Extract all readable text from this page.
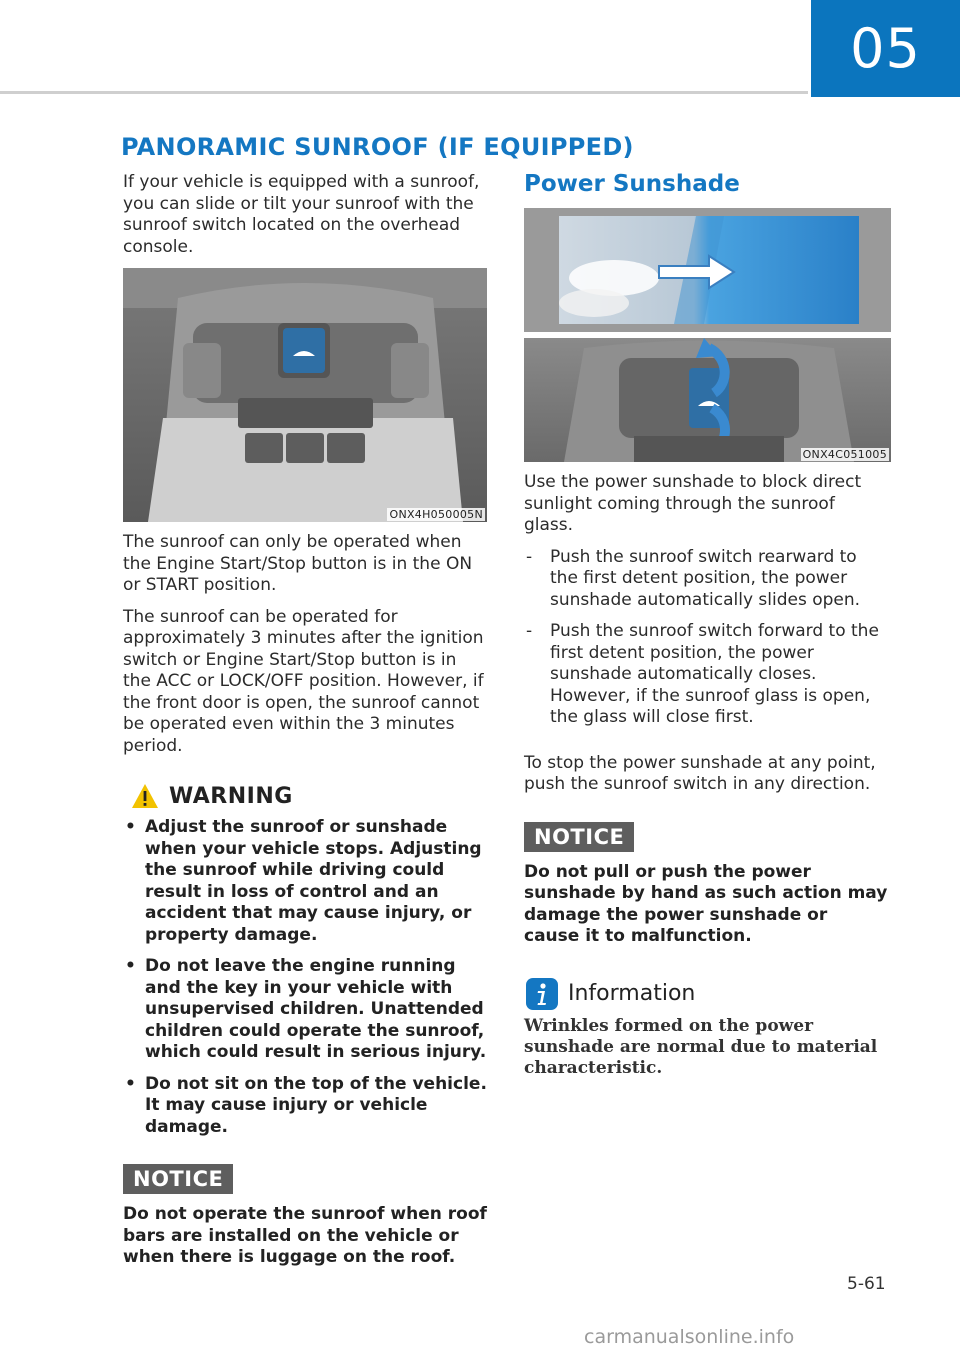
05
PANORAMIC SUNROOF (IF EQUIPPED)

If your vehicle is equipped with a sunroof, you can slide or tilt your sunroof with the sunroof switch located on the overhead console.

ONX4H050005N

The sunroof can only be operated when the Engine Start/Stop button is in the ON or START position.

The sunroof can be operated for approximately 3 minutes after the ignition switch or Engine Start/Stop button is in the ACC or LOCK/OFF position. However, if the front door is open, the sunroof cannot be operated even within the 3 minutes period.

WARNING
• Adjust the sunroof or sunshade when your vehicle stops. Adjusting the sunroof while driving could result in loss of control and an accident that may cause injury, or property damage.
• Do not leave the engine running and the key in your vehicle with unsupervised children. Unattended children could operate the sunroof, which could result in serious injury.
• Do not sit on the top of the vehicle. It may cause injury or vehicle damage.
NOTICE
Do not operate the sunroof when roof bars are installed on the vehicle or when there is luggage on the roof.
Power Sunshade
ONX4C051005

Use the power sunshade to block direct sunlight coming through the sunroof glass.

- Push the sunroof switch rearward to the first detent position, the power sunshade automatically slides open.
- Push the sunroof switch forward to the first detent position, the power sunshade automatically closes. However, if the sunroof glass is open, the glass will close first.

To stop the power sunshade at any point, push the sunroof switch in any direction.

NOTICE
Do not pull or push the power sunshade by hand as such action may damage the power sunshade or cause it to malfunction.
Information
Wrinkles formed on the power sunshade are normal due to material characteristic.
5-61
carmanualsonline.info
